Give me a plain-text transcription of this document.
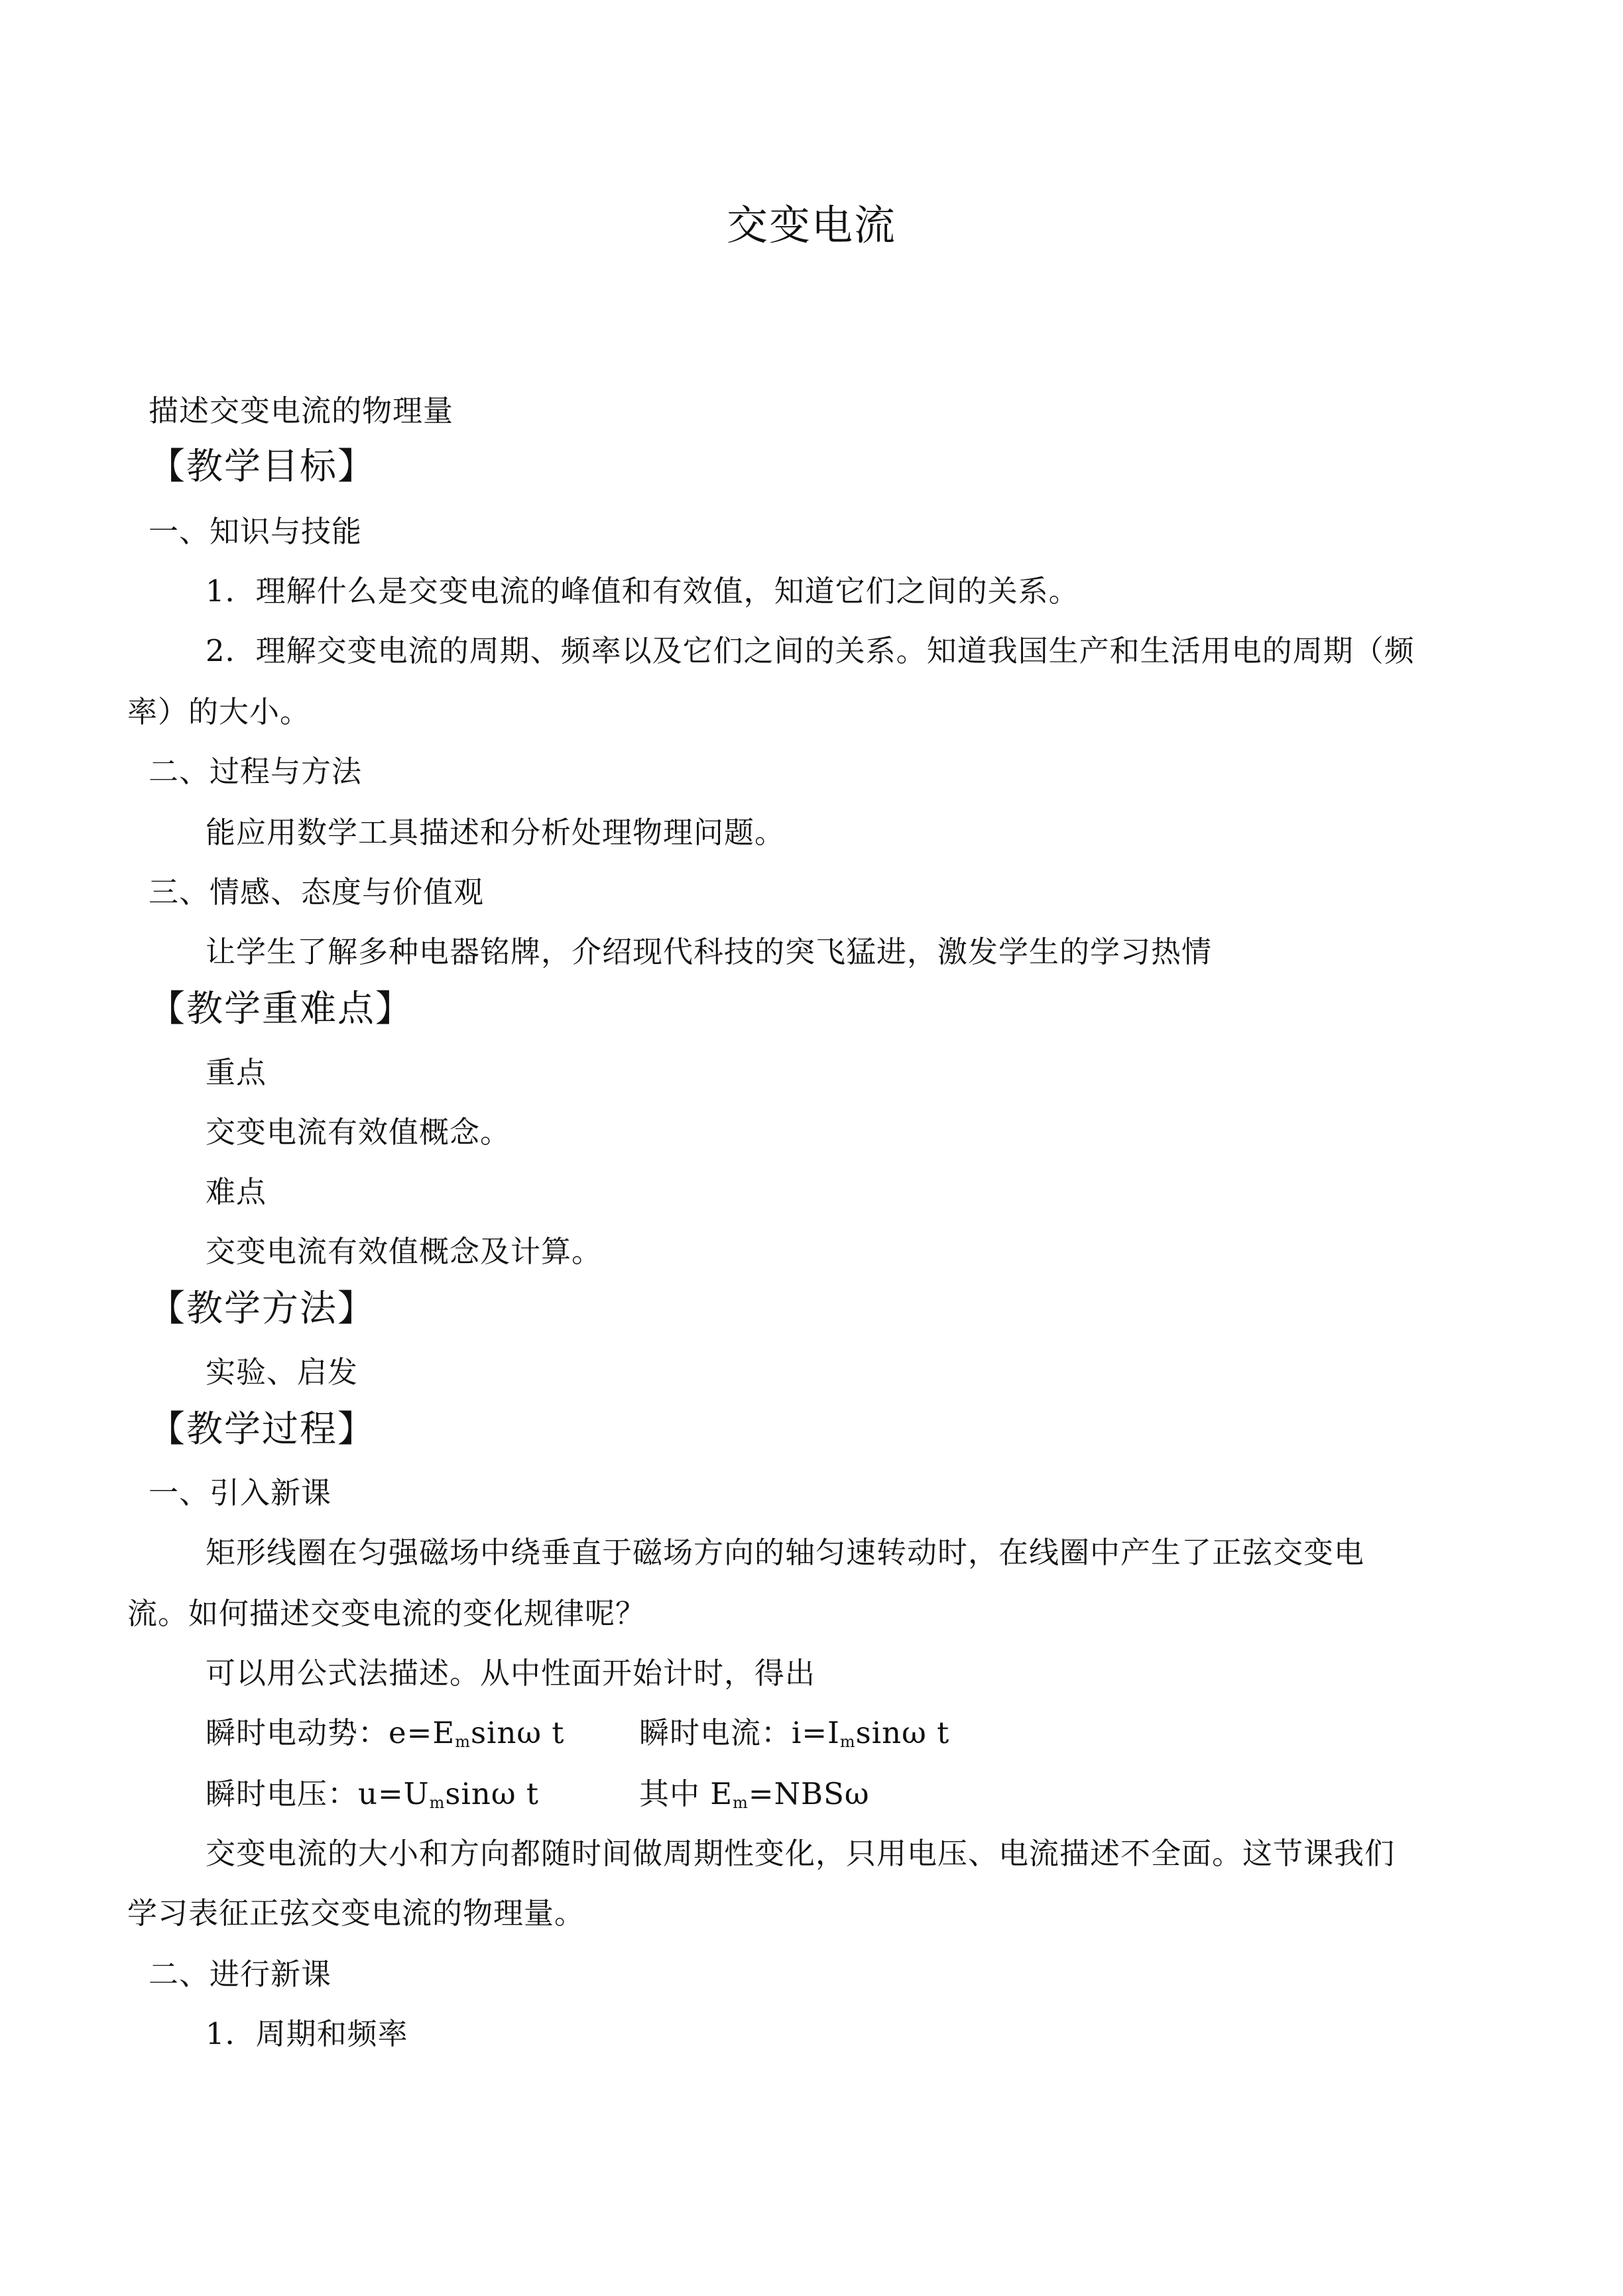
交变电流
描述交变电流的物理量
【教学目标】
一、知识与技能
1．理解什么是交变电流的峰值和有效值，知道它们之间的关系。
2．理解交变电流的周期、频率以及它们之间的关系。知道我国生产和生活用电的周期（频
率）的大小。
二、过程与方法
能应用数学工具描述和分析处理物理问题。
三、情感、态度与价值观
让学生了解多种电器铭牌，介绍现代科技的突飞猛进，激发学生的学习热情
【教学重难点】
重点
交变电流有效值概念。
难点
交变电流有效值概念及计算。
【教学方法】
实验、启发
【教学过程】
一、引入新课
矩形线圈在匀强磁场中绕垂直于磁场方向的轴匀速转动时，在线圈中产生了正弦交变电
流。如何描述交变电流的变化规律呢？
可以用公式法描述。从中性面开始计时，得出
瞬时电动势：$e=E_m\sin\omega$ t	瞬时电流：$i=I_m\sin\omega$ t
瞬时电压：$u=U_m\sin\omega$ t	其中 $E_m=NBS\omega$
交变电流的大小和方向都随时间做周期性变化，只用电压、电流描述不全面。这节课我们
学习表征正弦交变电流的物理量。
二、进行新课
1．周期和频率
